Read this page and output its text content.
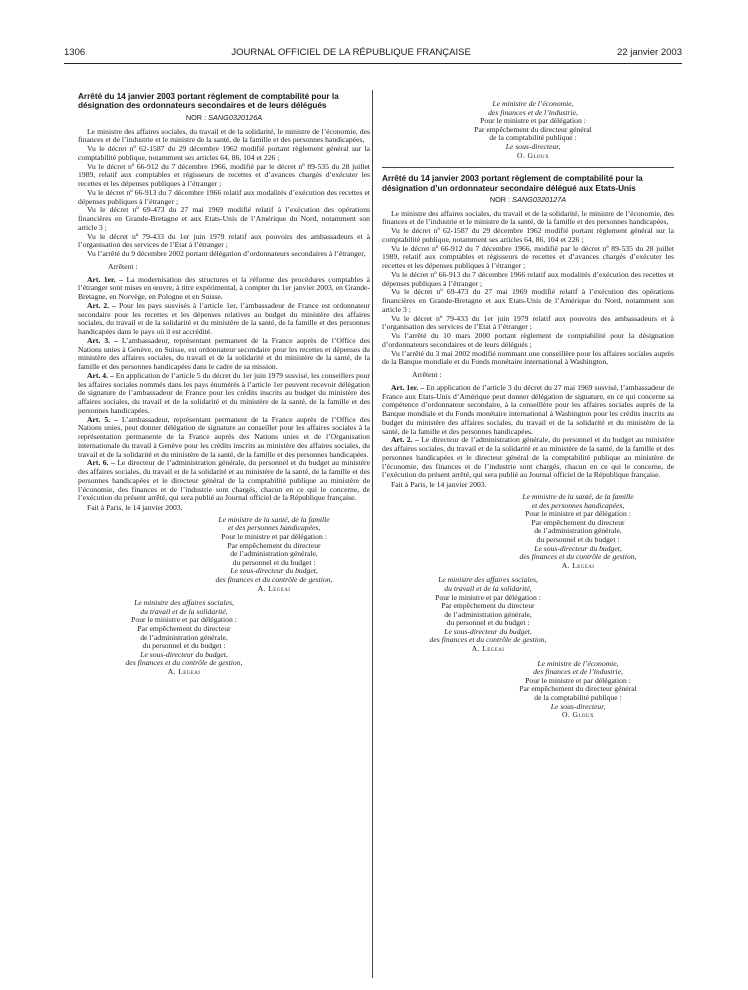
1306	JOURNAL OFFICIEL DE LA RÉPUBLIQUE FRANÇAISE	22 janvier 2003

Arrêté du 14 janvier 2003 portant règlement de comptabilité pour la désignation des ordonnateurs secondaires et de leurs délégués

NOR : SANG0320126A

Le ministre des affaires sociales, du travail et de la solidarité, le ministre de l’économie, des finances et de l’industrie et le ministre de la santé, de la famille et des personnes handicapées,

Vu le décret nº 62-1587 du 29 décembre 1962 modifié portant règlement général sur la comptabilité publique, notamment ses articles 64, 86, 104 et 226 ;

Vu le décret nº 66-912 du 7 décembre 1966, modifié par le décret nº 89-535 du 28 juillet 1989, relatif aux comptables et régisseurs de recettes et d’avances chargés d’exécuter les recettes et les dépenses publiques à l’étranger ;

Vu le décret nº 66-913 du 7 décembre 1966 relatif aux modalités d’exécution des recettes et dépenses publiques à l’étranger ;

Vu le décret nº 69-473 du 27 mai 1969 modifié relatif à l’exécution des opérations financières en Grande-Bretagne et aux Etats-Unis de l’Amérique du Nord, notamment son article 3 ;

Vu le décret nº 79-433 du 1er juin 1979 relatif aux pouvoirs des ambassadeurs et à l’organisation des services de l’Etat à l’étranger ;

Vu l’arrêté du 9 décembre 2002 portant délégation d’ordonnateurs secondaires à l’étranger,

Arrêtent :

Art. 1er. – La modernisation des structures et la réforme des procédures comptables à l’étranger sont mises en œuvre, à titre expérimental, à compter du 1er janvier 2003, en Grande-Bretagne, en Norvège, en Pologne et en Suisse.

Art. 2. – Pour les pays susvisés à l’article 1er, l’ambassadeur de France est ordonnateur secondaire pour les recettes et les dépenses relatives au budget du ministère des affaires sociales, du travail et de la solidarité et du ministère de la santé, de la famille et des personnes handicapées dans le pays où il est accrédité.

Art. 3. – L’ambassadeur, représentant permanent de la France auprès de l’Office des Nations unies à Genève, en Suisse, est ordonnateur secondaire pour les recettes et dépenses du ministère des affaires sociales, du travail et de la solidarité et du ministère de la santé, de la famille et des personnes handicapées dans le cadre de sa mission.

Art. 4. – En application de l’article 5 du décret du 1er juin 1979 susvisé, les conseillers pour les affaires sociales nommés dans les pays énumérés à l’article 1er peuvent recevoir délégation de signature de l’ambassadeur de France pour les crédits inscrits au budget du ministère des affaires sociales, du travail et de la solidarité et du ministère de la santé, de la famille et des personnes handicapées.

Art. 5. – L’ambassadeur, représentant permanent de la France auprès de l’Office des Nations unies, peut donner délégation de signature au conseiller pour les affaires sociales à la représentation permanente de la France auprès des Nations unies et de l’Organisation internationale du travail à Genève pour les crédits inscrits au ministère des affaires sociales, du travail et de la solidarité et du ministère de la santé, de la famille et des personnes handicapées.

Art. 6. – Le directeur de l’administration générale, du personnel et du budget au ministère des affaires sociales, du travail et de la solidarité et au ministère de la santé, de la famille et des personnes handicapées et le directeur général de la comptabilité publique au ministère de l’économie, des finances et de l’industrie sont chargés, chacun en ce qui le concerne, de l’exécution du présent arrêté, qui sera publié au Journal officiel de la République française.

Fait à Paris, le 14 janvier 2003.

Le ministre de la santé, de la famille
et des personnes handicapées,
Pour le ministre et par délégation :
Par empêchement du directeur
de l’administration générale,
du personnel et du budget :
Le sous-directeur du budget,
des finances et du contrôle de gestion,
A. Legeai
Le ministre des affaires sociales,
du travail et de la solidarité,
Pour le ministre et par délégation :
Par empêchement du directeur
de l’administration générale,
du personnel et du budget :
Le sous-directeur du budget,
des finances et du contrôle de gestion,
A. Legeai
Le ministre de l’économie,
des finances et de l’industrie,
Pour le ministre et par délégation :
Par empêchement du directeur général
de la comptabilité publique :
Le sous-directeur,
O. Gloux

Arrêté du 14 janvier 2003 portant règlement de comptabilité pour la désignation d’un ordonnateur secondaire délégué aux Etats-Unis

NOR : SANG0320127A

Le ministre des affaires sociales, du travail et de la solidarité, le ministre de l’économie, des finances et de l’industrie et le ministre de la santé, de la famille et des personnes handicapées,

Vu le décret nº 62-1587 du 29 décembre 1962 modifié portant règlement général sur la comptabilité publique, notamment ses articles 64, 86, 104 et 226 ;

Vu le décret nº 66-912 du 7 décembre 1966, modifié par le décret nº 89-535 du 28 juillet 1989, relatif aux comptables et régisseurs de recettes et d’avances chargés d’exécuter les recettes et les dépenses publiques à l’étranger ;

Vu le décret nº 66-913 du 7 décembre 1966 relatif aux modalités d’exécution des recettes et dépenses publiques à l’étranger ;

Vu le décret nº 69-473 du 27 mai 1969 modifié relatif à l’exécution des opérations financières en Grande-Bretagne et aux Etats-Unis de l’Amérique du Nord, notamment son article 3 ;

Vu le décret nº 79-433 du 1er juin 1979 relatif aux pouvoirs des ambassadeurs et à l’organisation des services de l’Etat à l’étranger ;

Vu l’arrêté du 10 mars 2000 portant règlement de comptabilité pour la désignation d’ordonnateurs secondaires et de leurs délégués ;

Vu l’arrêté du 3 mai 2002 modifié nommant une conseillère pour les affaires sociales auprès de la Banque mondiale et du Fonds monétaire international à Washington,

Arrêtent :

Art. 1er. – En application de l’article 3 du décret du 27 mai 1969 susvisé, l’ambassadeur de France aux Etats-Unis d’Amérique peut donner délégation de signature, en ce qui concerne sa compétence d’ordonnateur secondaire, à la conseillère pour les affaires sociales auprès de la Banque mondiale et du Fonds monétaire international à Washington pour les crédits inscrits au budget du ministère des affaires sociales, du travail et de la solidarité et du ministère de la santé, de la famille et des personnes handicapées.

Art. 2. – Le directeur de l’administration générale, du personnel et du budget au ministère des affaires sociales, du travail et de la solidarité et au ministère de la santé, de la famille et des personnes handicapées et le directeur général de la comptabilité publique au ministère de l’économie, des finances et de l’industrie sont chargés, chacun en ce qui le concerne, de l’exécution du présent arrêté, qui sera publié au Journal officiel de la République française.

Fait à Paris, le 14 janvier 2003.

Le ministre de la santé, de la famille
et des personnes handicapées,
Pour le ministre et par délégation :
Par empêchement du directeur
de l’administration générale,
du personnel et du budget :
Le sous-directeur du budget,
des finances et du contrôle de gestion,
A. Legeai
Le ministre des affaires sociales,
du travail et de la solidarité,
Pour le ministre et par délégation :
Par empêchement du directeur
de l’administration générale,
du personnel et du budget :
Le sous-directeur du budget,
des finances et du contrôle de gestion,
A. Legeai
Le ministre de l’économie,
des finances et de l’industrie,
Pour le ministre et par délégation :
Par empêchement du directeur général
de la comptabilité publique :
Le sous-directeur,
O. Gloux
